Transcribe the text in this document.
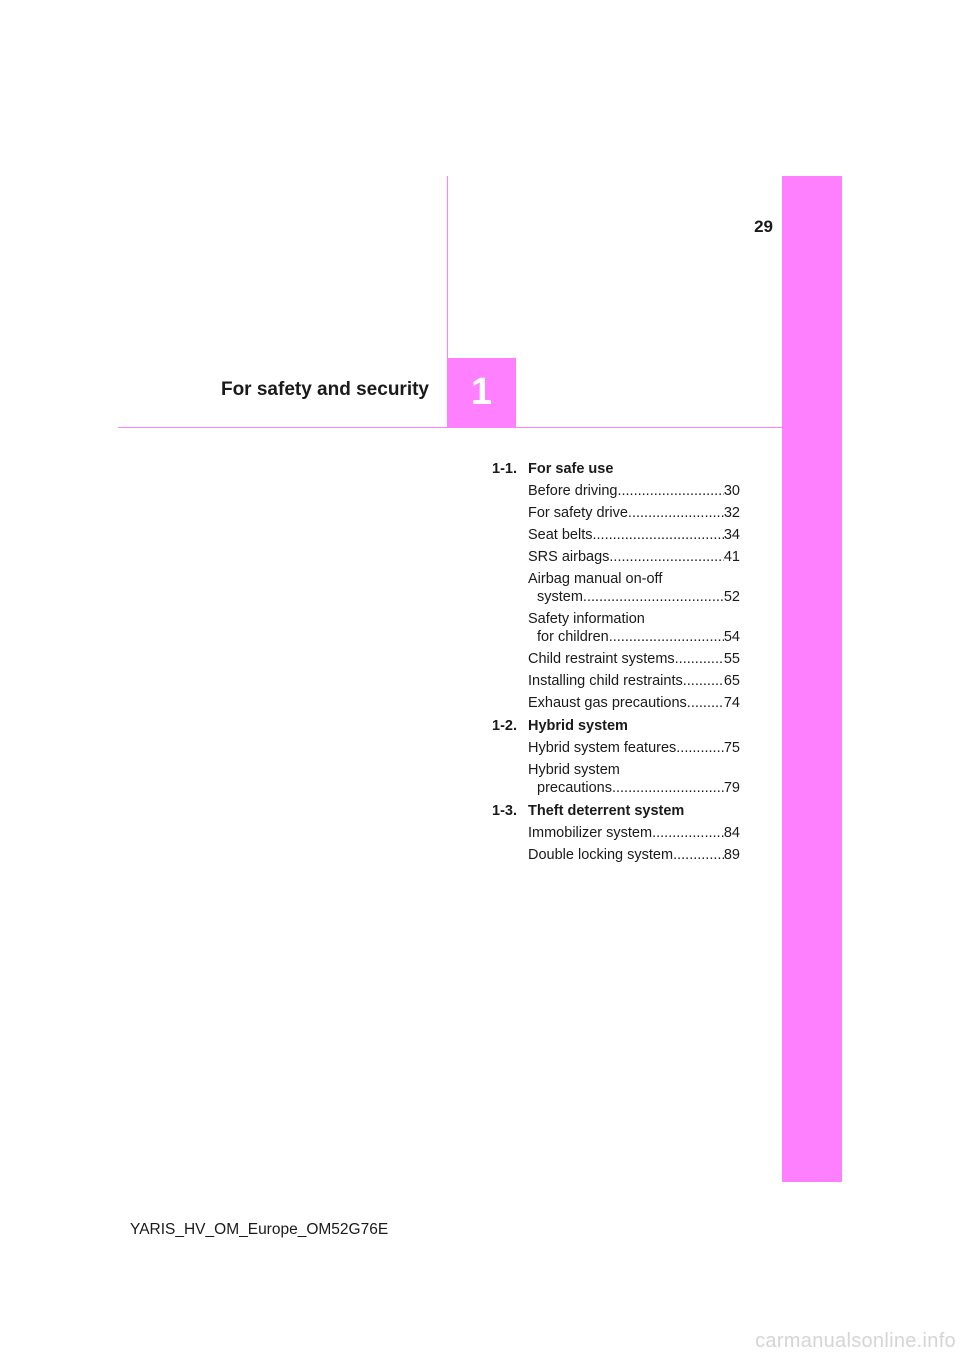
29
For safety and security 1
1-1. For safe use
Before driving .....	30
For safety drive .....	32
Seat belts .....	34
SRS airbags .....	41
Airbag manual on-off
system .....	52
Safety information
for children .....	54
Child restraint systems .....	55
Installing child restraints .....	65
Exhaust gas precautions .....	74
1-2. Hybrid system
Hybrid system features .....	75
Hybrid system
precautions .....	79
1-3. Theft deterrent system
Immobilizer system .....	84
Double locking system .....	89
YARIS_HV_OM_Europe_OM52G76E
carmanualsonline.info
